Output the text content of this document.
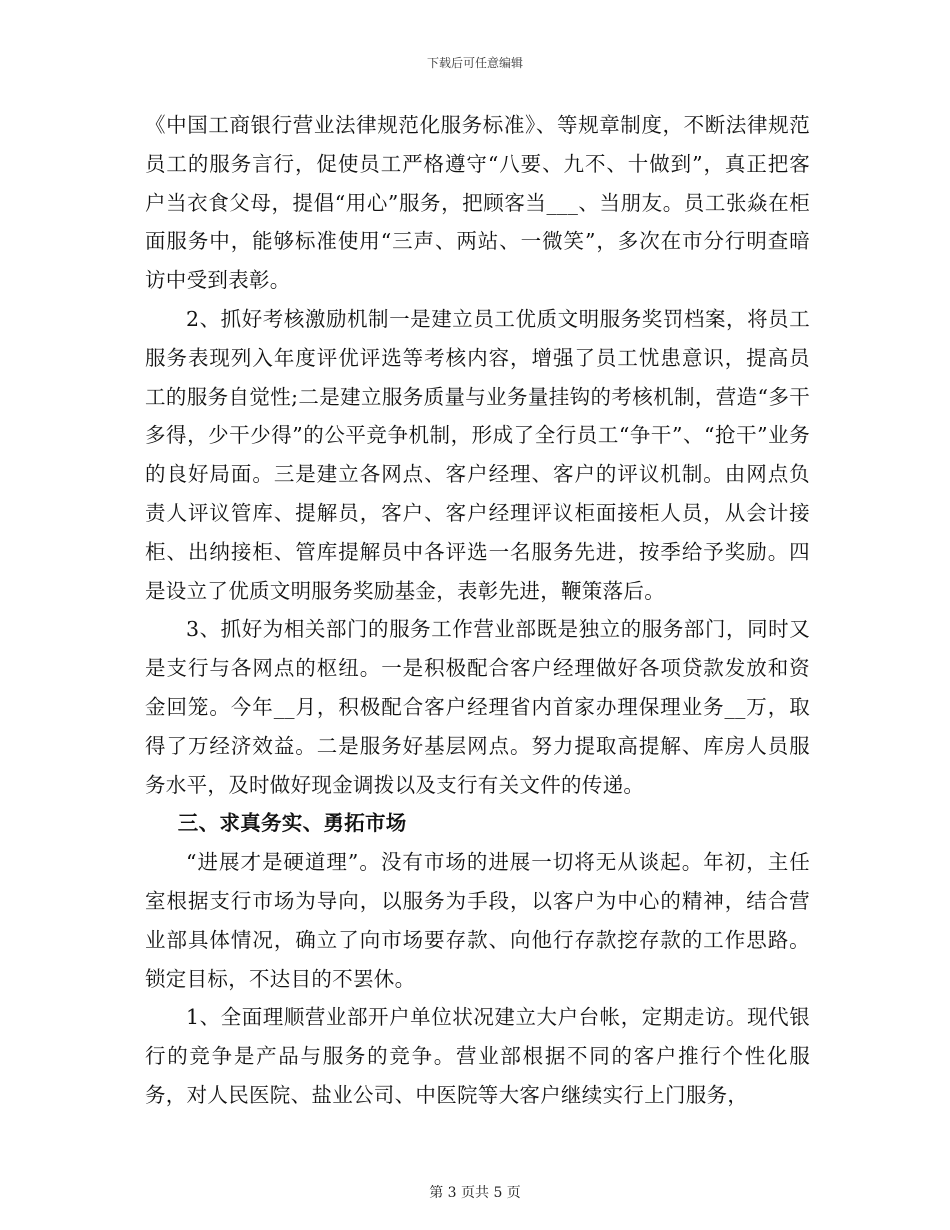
下载后可任意编辑

《中国工商银行营业法律规范化服务标准》、等规章制度，不断法律规范员工的服务言行，促使员工严格遵守“八要、九不、十做到”，真正把客户当衣食父母，提倡“用心”服务，把顾客当___、当朋友。员工张焱在柜面服务中，能够标准使用“三声、两站、一微笑”，多次在市分行明查暗访中受到表彰。

2、抓好考核激励机制一是建立员工优质文明服务奖罚档案，将员工服务表现列入年度评优评选等考核内容，增强了员工忧患意识，提高员工的服务自觉性;二是建立服务质量与业务量挂钩的考核机制，营造“多干多得，少干少得”的公平竞争机制，形成了全行员工“争干”、“抢干”业务的良好局面。三是建立各网点、客户经理、客户的评议机制。由网点负责人评议管库、提解员，客户、客户经理评议柜面接柜人员，从会计接柜、出纳接柜、管库提解员中各评选一名服务先进，按季给予奖励。四是设立了优质文明服务奖励基金，表彰先进，鞭策落后。

3、抓好为相关部门的服务工作营业部既是独立的服务部门，同时又是支行与各网点的枢纽。一是积极配合客户经理做好各项贷款发放和资金回笼。今年__月，积极配合客户经理省内首家办理保理业务__万，取得了万经济效益。二是服务好基层网点。努力提取高提解、库房人员服务水平，及时做好现金调拨以及支行有关文件的传递。

三、求真务实、勇拓市场

“进展才是硬道理”。没有市场的进展一切将无从谈起。年初，主任室根据支行市场为导向，以服务为手段，以客户为中心的精神，结合营业部具体情况，确立了向市场要存款、向他行存款挖存款的工作思路。锁定目标，不达目的不罢休。

1、全面理顺营业部开户单位状况建立大户台帐，定期走访。现代银行的竞争是产品与服务的竞争。营业部根据不同的客户推行个性化服务，对人民医院、盐业公司、中医院等大客户继续实行上门服务，

第 3 页共 5 页
